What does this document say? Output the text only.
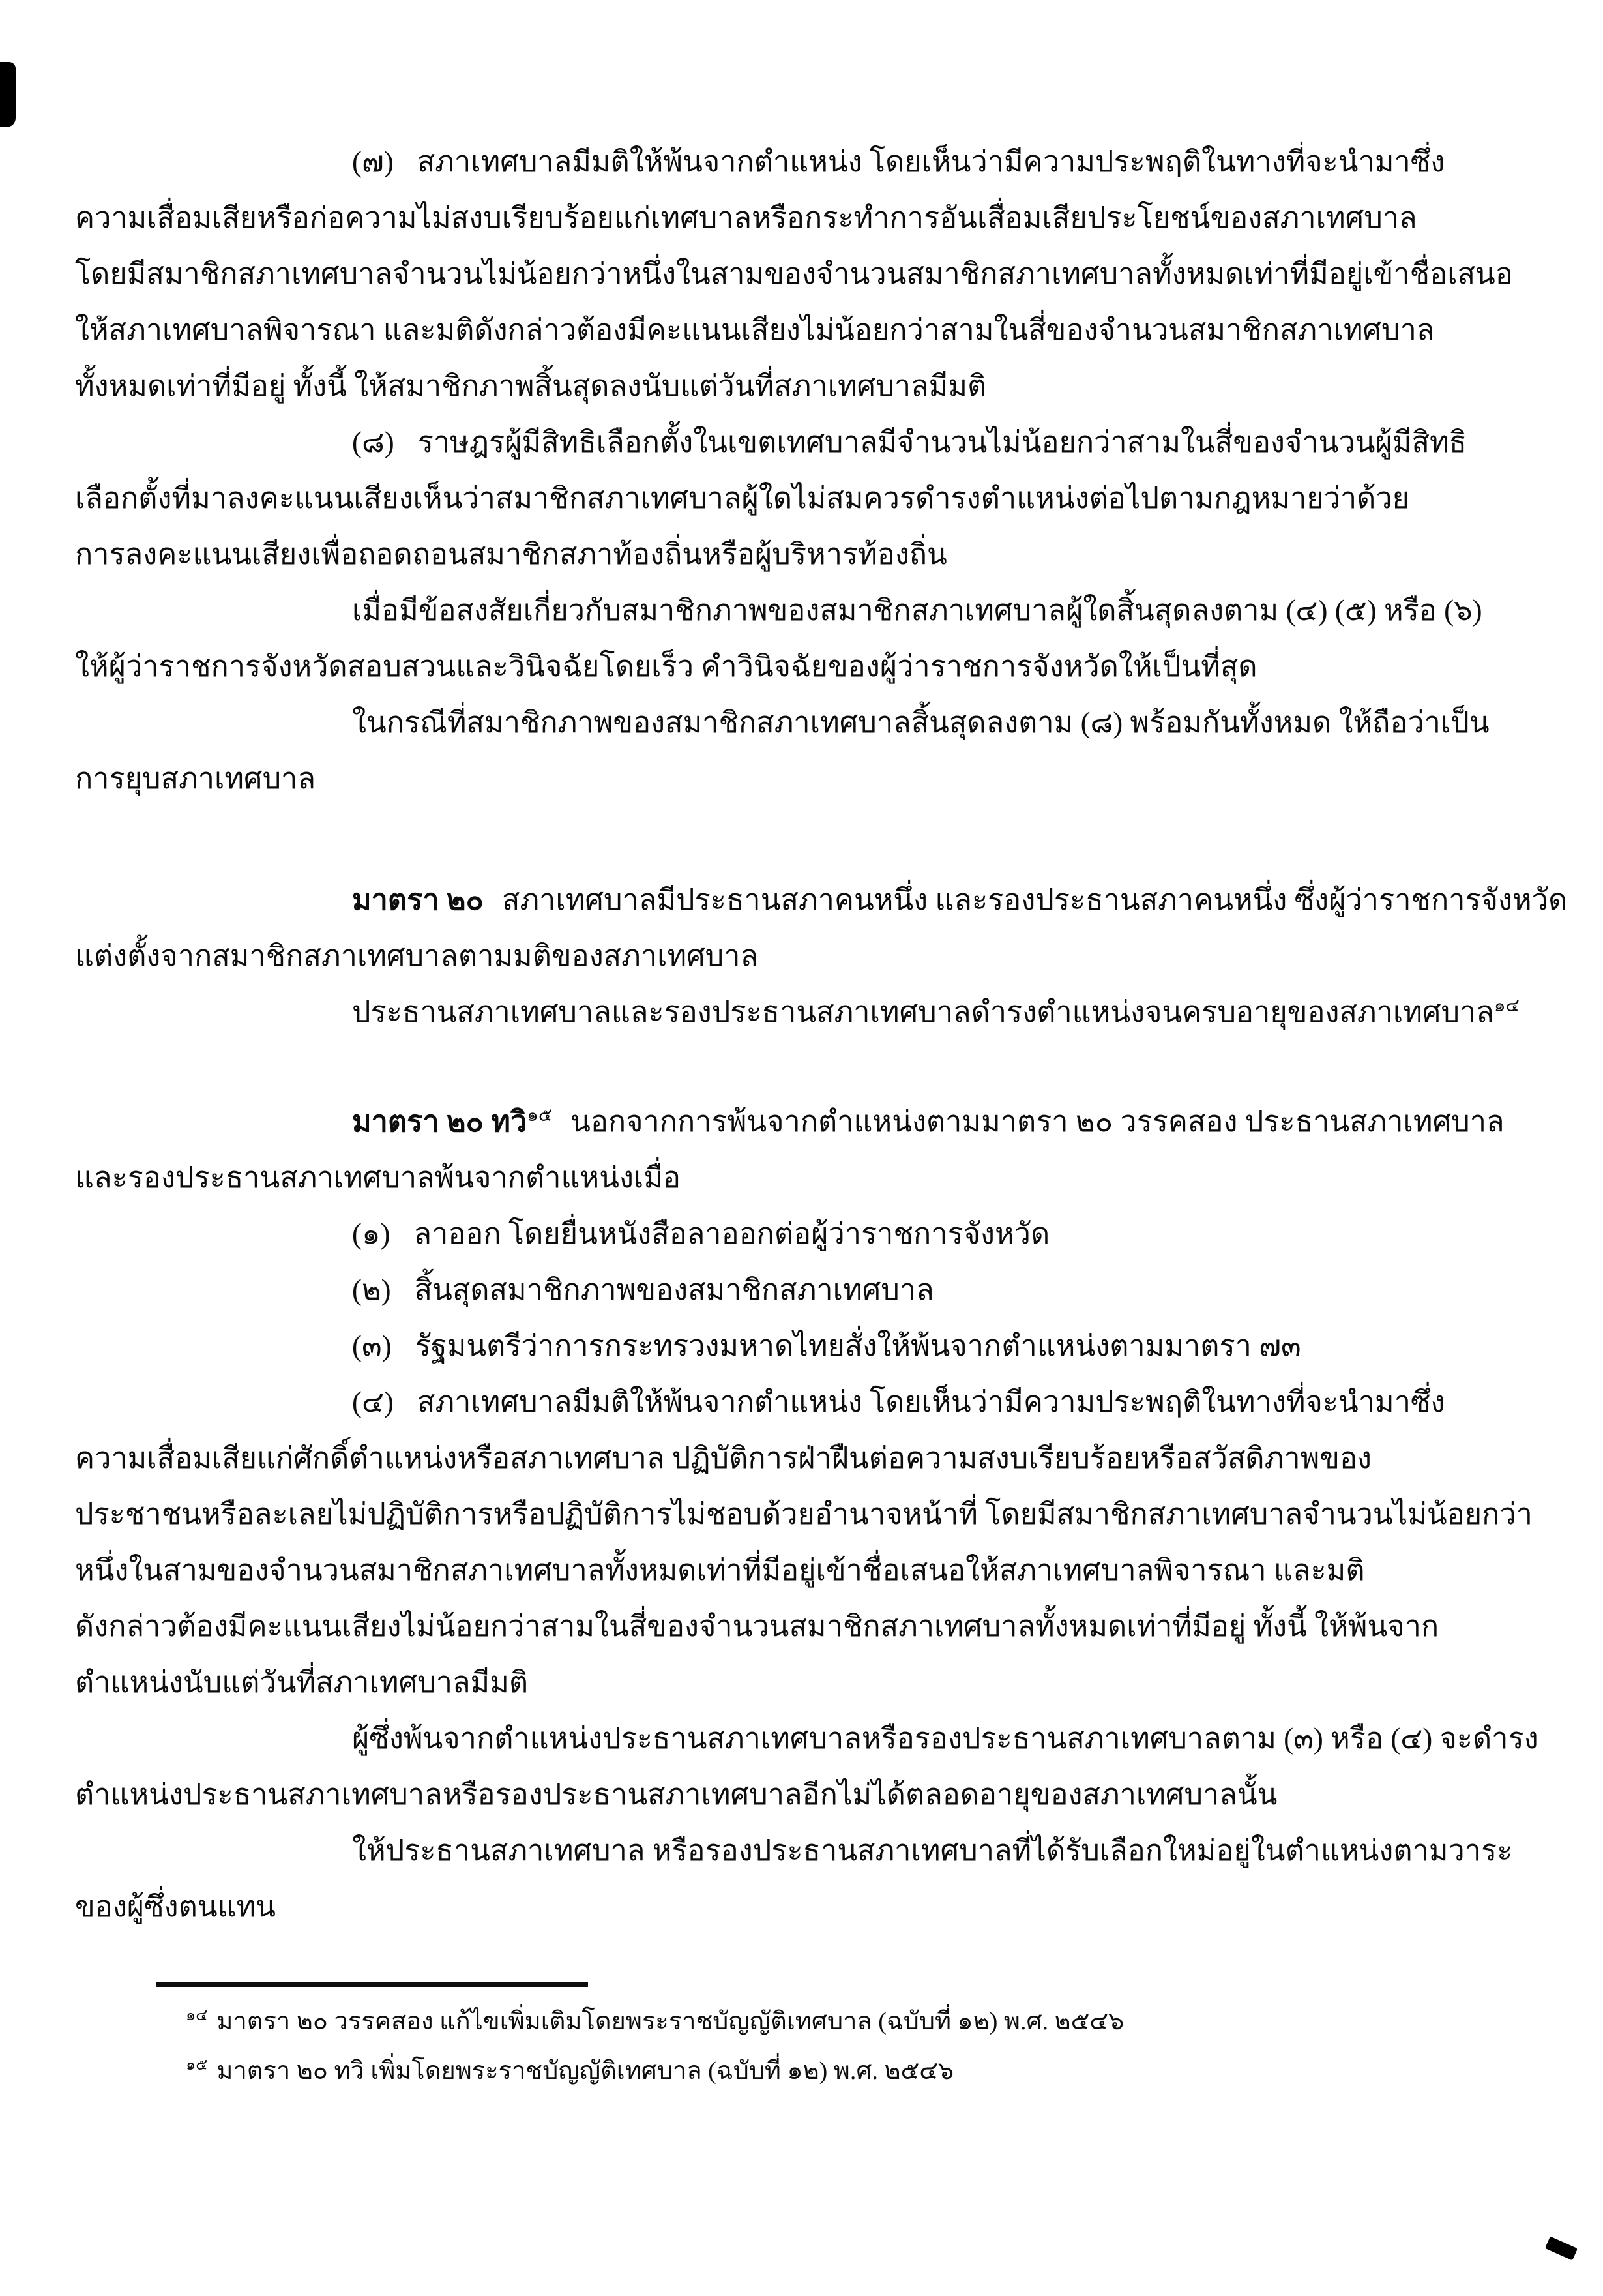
(๗) สภาเทศบาลมีมติให้พ้นจากตำแหน่ง โดยเห็นว่ามีความประพฤติในทางที่จะนำมาซึ่ง
ความเสื่อมเสียหรือก่อความไม่สงบเรียบร้อยแก่เทศบาลหรือกระทำการอันเสื่อมเสียประโยชน์ของสภาเทศบาล
โดยมีสมาชิกสภาเทศบาลจำนวนไม่น้อยกว่าหนึ่งในสามของจำนวนสมาชิกสภาเทศบาลทั้งหมดเท่าที่มีอยู่เข้าชื่อเสนอ
ให้สภาเทศบาลพิจารณา และมติดังกล่าวต้องมีคะแนนเสียงไม่น้อยกว่าสามในสี่ของจำนวนสมาชิกสภาเทศบาล
ทั้งหมดเท่าที่มีอยู่ ทั้งนี้ ให้สมาชิกภาพสิ้นสุดลงนับแต่วันที่สภาเทศบาลมีมติ
(๘) ราษฎรผู้มีสิทธิเลือกตั้งในเขตเทศบาลมีจำนวนไม่น้อยกว่าสามในสี่ของจำนวนผู้มีสิทธิ
เลือกตั้งที่มาลงคะแนนเสียงเห็นว่าสมาชิกสภาเทศบาลผู้ใดไม่สมควรดำรงตำแหน่งต่อไปตามกฎหมายว่าด้วย
การลงคะแนนเสียงเพื่อถอดถอนสมาชิกสภาท้องถิ่นหรือผู้บริหารท้องถิ่น
เมื่อมีข้อสงสัยเกี่ยวกับสมาชิกภาพของสมาชิกสภาเทศบาลผู้ใดสิ้นสุดลงตาม (๔) (๕) หรือ (๖)
ให้ผู้ว่าราชการจังหวัดสอบสวนและวินิจฉัยโดยเร็ว คำวินิจฉัยของผู้ว่าราชการจังหวัดให้เป็นที่สุด
ในกรณีที่สมาชิกภาพของสมาชิกสภาเทศบาลสิ้นสุดลงตาม (๘) พร้อมกันทั้งหมด ให้ถือว่าเป็น
การยุบสภาเทศบาล
มาตรา ๒๐ สภาเทศบาลมีประธานสภาคนหนึ่ง และรองประธานสภาคนหนึ่ง ซึ่งผู้ว่าราชการจังหวัด
แต่งตั้งจากสมาชิกสภาเทศบาลตามมติของสภาเทศบาล
ประธานสภาเทศบาลและรองประธานสภาเทศบาลดำรงตำแหน่งจนครบอายุของสภาเทศบาล$^{๑๔}$
มาตรา ๒๐ ทวิ$^{๑๕}$ นอกจากการพ้นจากตำแหน่งตามมาตรา ๒๐ วรรคสอง ประธานสภาเทศบาล
และรองประธานสภาเทศบาลพ้นจากตำแหน่งเมื่อ
(๑) ลาออก โดยยื่นหนังสือลาออกต่อผู้ว่าราชการจังหวัด
(๒) สิ้นสุดสมาชิกภาพของสมาชิกสภาเทศบาล
(๓) รัฐมนตรีว่าการกระทรวงมหาดไทยสั่งให้พ้นจากตำแหน่งตามมาตรา ๗๓
(๔) สภาเทศบาลมีมติให้พ้นจากตำแหน่ง โดยเห็นว่ามีความประพฤติในทางที่จะนำมาซึ่ง
ความเสื่อมเสียแก่ศักดิ์ตำแหน่งหรือสภาเทศบาล ปฏิบัติการฝ่าฝืนต่อความสงบเรียบร้อยหรือสวัสดิภาพของ
ประชาชนหรือละเลยไม่ปฏิบัติการหรือปฏิบัติการไม่ชอบด้วยอำนาจหน้าที่ โดยมีสมาชิกสภาเทศบาลจำนวนไม่น้อยกว่า
หนึ่งในสามของจำนวนสมาชิกสภาเทศบาลทั้งหมดเท่าที่มีอยู่เข้าชื่อเสนอให้สภาเทศบาลพิจารณา และมติ
ดังกล่าวต้องมีคะแนนเสียงไม่น้อยกว่าสามในสี่ของจำนวนสมาชิกสภาเทศบาลทั้งหมดเท่าที่มีอยู่ ทั้งนี้ ให้พ้นจาก
ตำแหน่งนับแต่วันที่สภาเทศบาลมีมติ
ผู้ซึ่งพ้นจากตำแหน่งประธานสภาเทศบาลหรือรองประธานสภาเทศบาลตาม (๓) หรือ (๔) จะดำรง
ตำแหน่งประธานสภาเทศบาลหรือรองประธานสภาเทศบาลอีกไม่ได้ตลอดอายุของสภาเทศบาลนั้น
ให้ประธานสภาเทศบาล หรือรองประธานสภาเทศบาลที่ได้รับเลือกใหม่อยู่ในตำแหน่งตามวาระ
ของผู้ซึ่งตนแทน
$^{๑๔}$ มาตรา ๒๐ วรรคสอง แก้ไขเพิ่มเติมโดยพระราชบัญญัติเทศบาล (ฉบับที่ ๑๒) พ.ศ. ๒๕๔๖
$^{๑๕}$ มาตรา ๒๐ ทวิ เพิ่มโดยพระราชบัญญัติเทศบาล (ฉบับที่ ๑๒) พ.ศ. ๒๕๔๖
